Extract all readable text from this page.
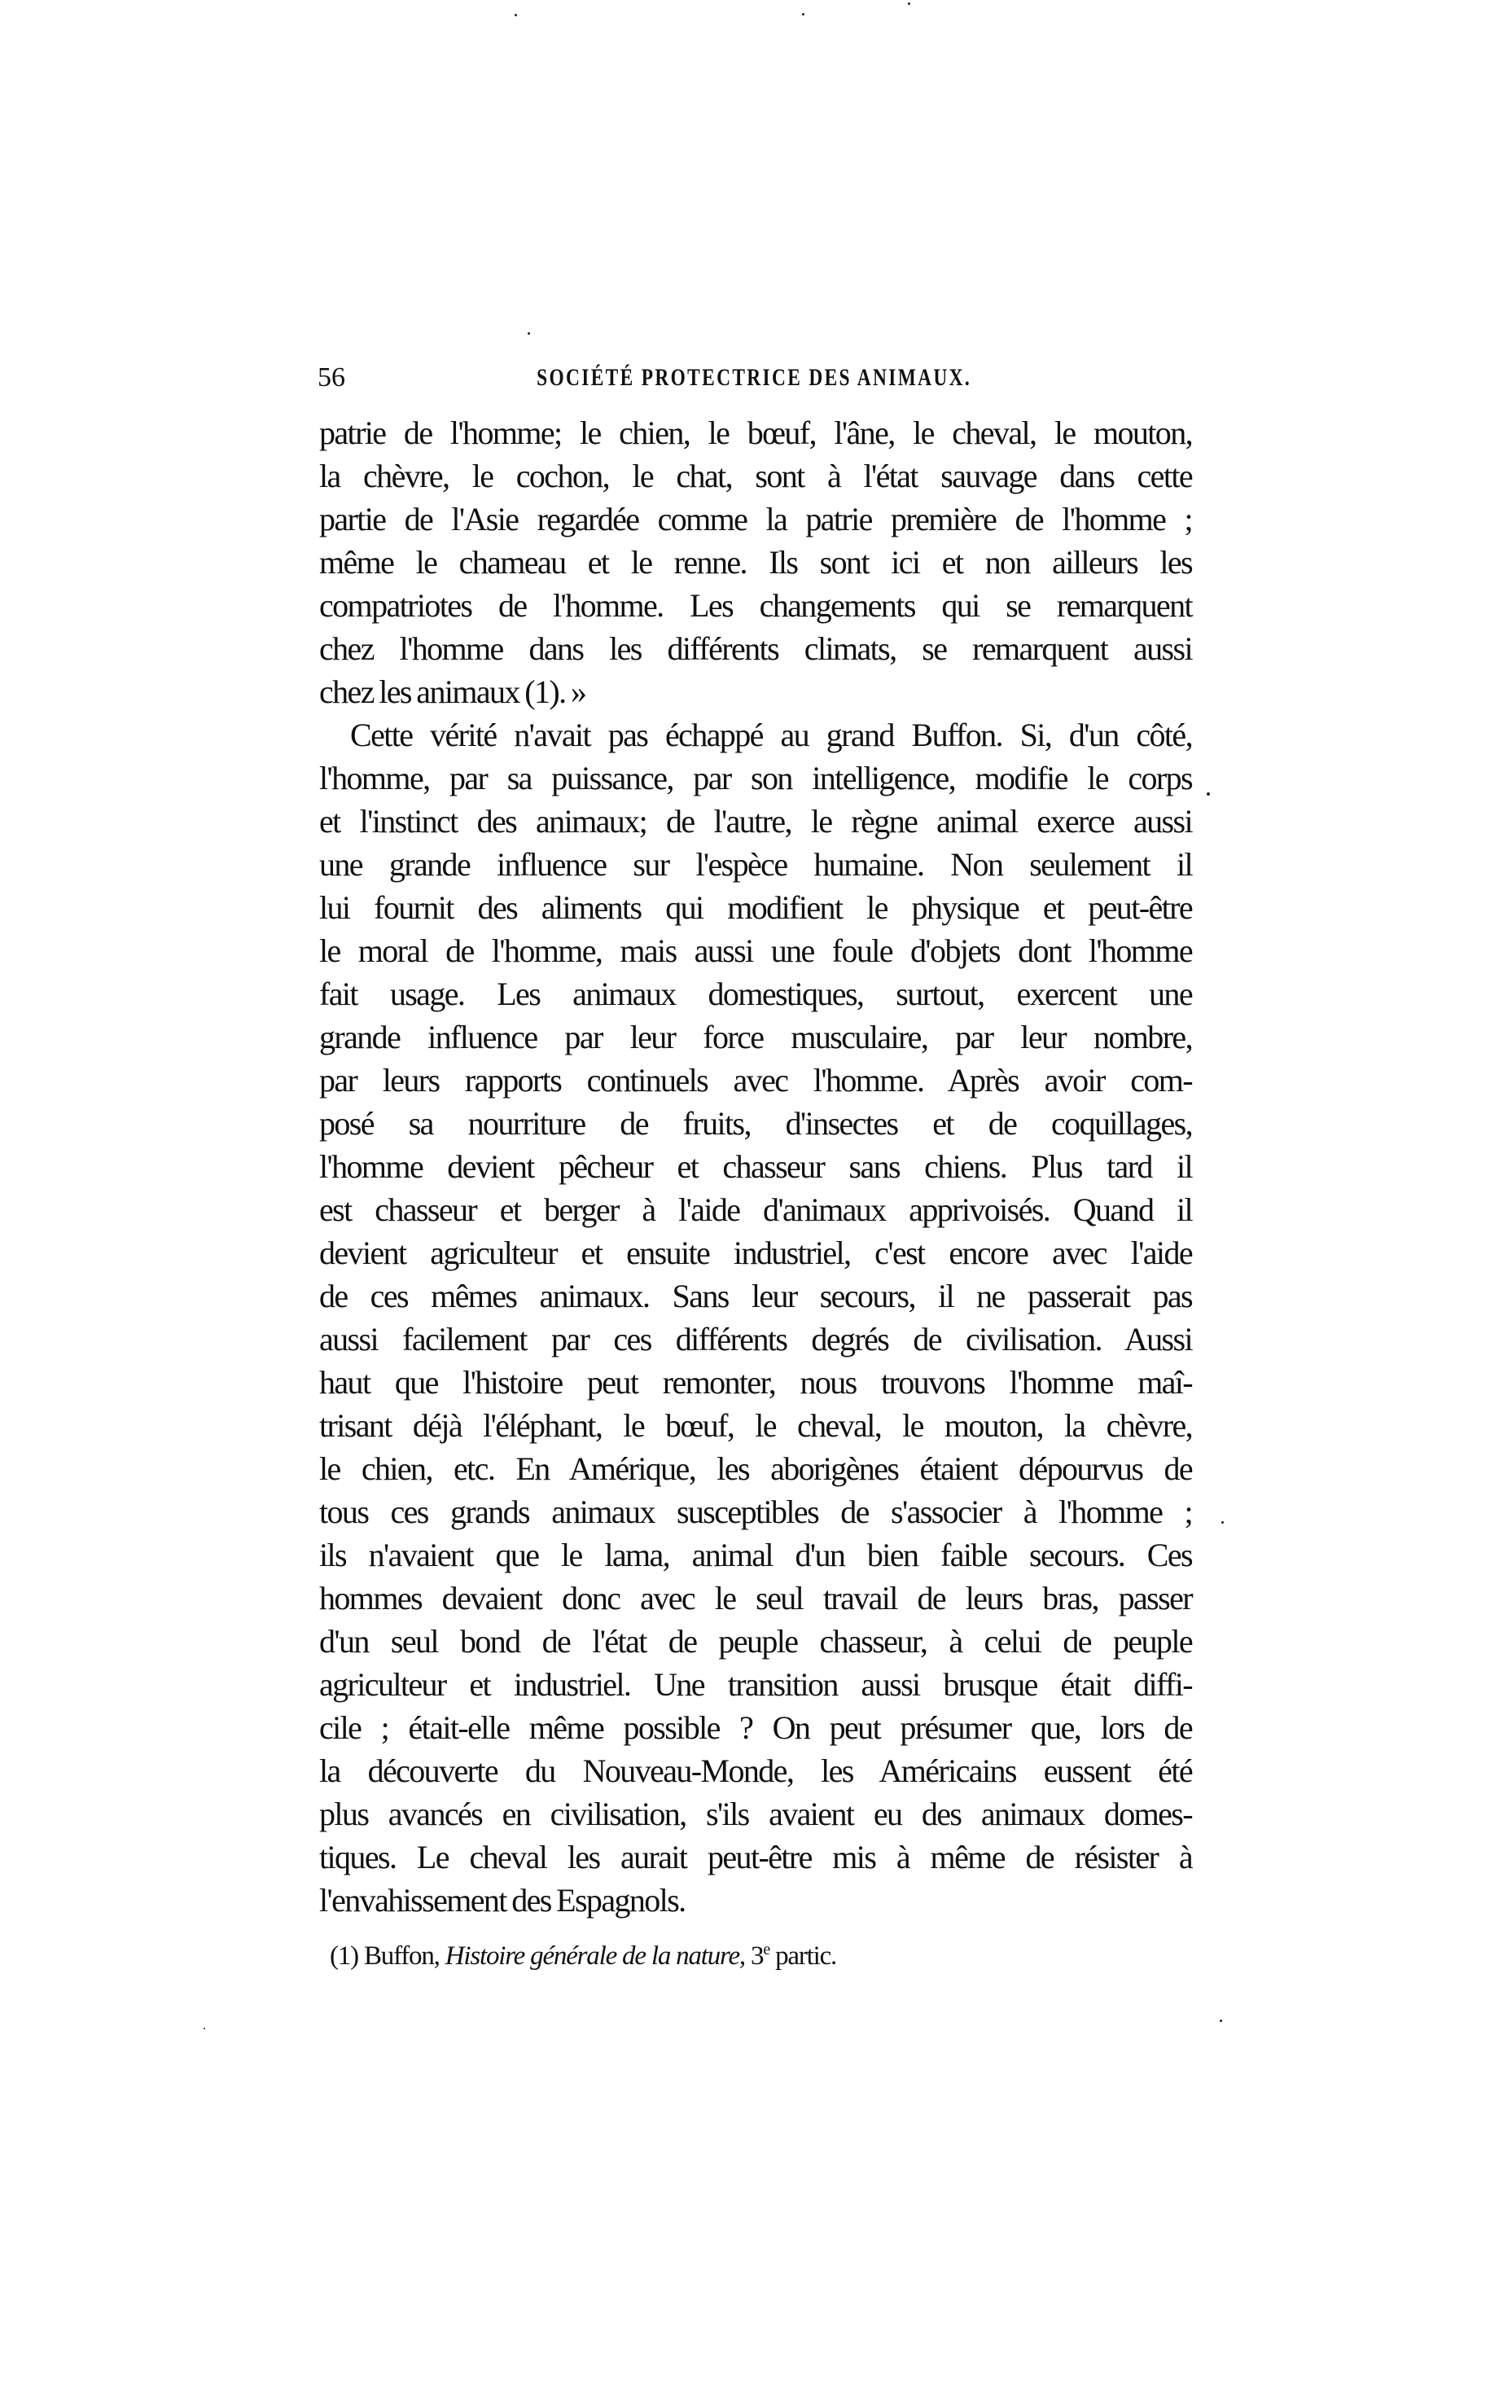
56	SOCIÉTÉ PROTECTRICE DES ANIMAUX.
patrie de l'homme; le chien, le bœuf, l'âne, le cheval, le mouton,
la chèvre, le cochon, le chat, sont à l'état sauvage dans cette
partie de l'Asie regardée comme la patrie première de l'homme ;
même le chameau et le renne. Ils sont ici et non ailleurs les
compatriotes de l'homme. Les changements qui se remarquent
chez l'homme dans les différents climats, se remarquent aussi
chez les animaux (1). »
Cette vérité n'avait pas échappé au grand Buffon. Si, d'un côté,
l'homme, par sa puissance, par son intelligence, modifie le corps
et l'instinct des animaux; de l'autre, le règne animal exerce aussi
une grande influence sur l'espèce humaine. Non seulement il
lui fournit des aliments qui modifient le physique et peut-être
le moral de l'homme, mais aussi une foule d'objets dont l'homme
fait usage. Les animaux domestiques, surtout, exercent une
grande influence par leur force musculaire, par leur nombre,
par leurs rapports continuels avec l'homme. Après avoir com-
posé sa nourriture de fruits, d'insectes et de coquillages,
l'homme devient pêcheur et chasseur sans chiens. Plus tard il
est chasseur et berger à l'aide d'animaux apprivoisés. Quand il
devient agriculteur et ensuite industriel, c'est encore avec l'aide
de ces mêmes animaux. Sans leur secours, il ne passerait pas
aussi facilement par ces différents degrés de civilisation. Aussi
haut que l'histoire peut remonter, nous trouvons l'homme maî-
trisant déjà l'éléphant, le bœuf, le cheval, le mouton, la chèvre,
le chien, etc. En Amérique, les aborigènes étaient dépourvus de
tous ces grands animaux susceptibles de s'associer à l'homme ;
ils n'avaient que le lama, animal d'un bien faible secours. Ces
hommes devaient donc avec le seul travail de leurs bras, passer
d'un seul bond de l'état de peuple chasseur, à celui de peuple
agriculteur et industriel. Une transition aussi brusque était diffi-
cile ; était-elle même possible ? On peut présumer que, lors de
la découverte du Nouveau-Monde, les Américains eussent été
plus avancés en civilisation, s'ils avaient eu des animaux domes-
tiques. Le cheval les aurait peut-être mis à même de résister à
l'envahissement des Espagnols.
(1) Buffon, Histoire générale de la nature, 3e partic.
